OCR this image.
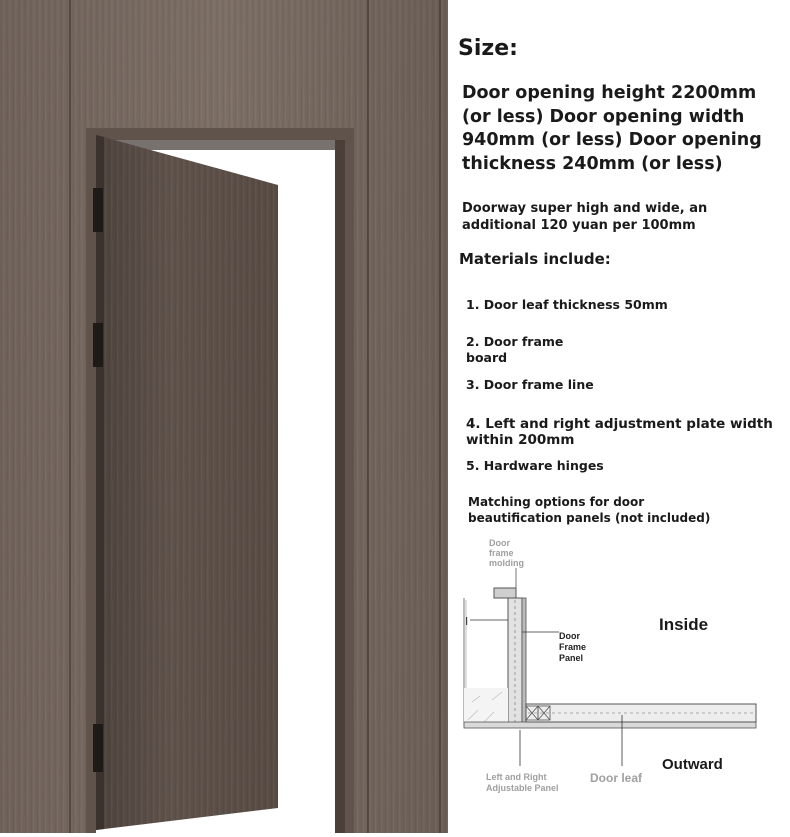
Size:
Door opening height 2200mm (or less) Door opening width 940mm (or less) Door opening thickness 240mm (or less)
Doorway super high and wide, an additional 120 yuan per 100mm
Materials include:
1. Door leaf thickness 50mm
2. Door frame board
3. Door frame line
4. Left and right adjustment plate width within 200mm
5. Hardware hinges
Matching options for door beautification panels (not included)
Door frame molding
I
Door Frame Panel
Inside
Outward
Door leaf
Left and Right Adjustable Panel
